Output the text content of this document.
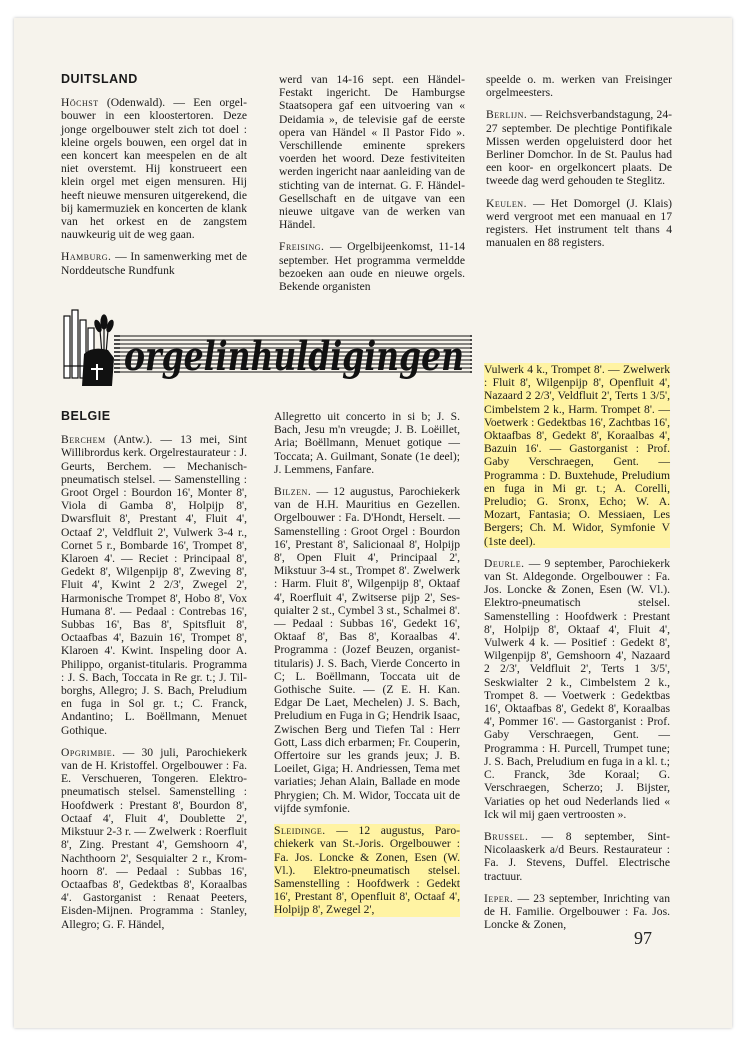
DUITSLAND

Höchst (Odenwald). — Een orgelbouwer in een kloostertoren. Deze jonge orgelbouwer stelt zich tot doel : kleine orgels bouwen, een orgel dat in een koncert kan meespelen en de alt niet overstemt. Hij konstrueert een klein orgel met eigen mensuren. Hij heeft nieuwe mensuren uitgerekend, die bij kamermuziek en koncerten de klank van het orkest en de zangstem nauwkeurig uit de weg gaan.

Hamburg. — In samenwerking met de Norddeutsche Rundfunk

werd van 14-16 sept. een Händel-Festakt ingericht. De Hamburgse Staatsopera gaf een uitvoering van « Deidamia », de televisie gaf de eerste opera van Händel « Il Pastor Fido ». Verschillende eminente sprekers voerden het woord. Deze festiviteiten werden ingericht naar aanleiding van de stichting van de internat. G. F. Händel-Gesellschaft en de uitgave van een nieuwe uitgave van de werken van Händel.

Freising. — Orgelbijeenkomst, 11-14 september. Het programma vermeldde bezoeken aan oude en nieuwe orgels. Bekende organisten

speelde o. m. werken van Freisinger orgelmeesters.

Berlijn. — Reichsverbandstagung, 24-27 september. De plechtige Pontifikale Missen werden opgeluisterd door het Berliner Domchor. In de St. Paulus had een koor- en orgelkoncert plaats. De tweede dag werd gehouden te Steglitz.

Keulen. — Het Domorgel (J. Klais) werd vergroot met een manuaal en 17 registers. Het instrument telt thans 4 manualen en 88 registers.

orgelinhuldigingen
BELGIE

Berchem (Antw.). — 13 mei, Sint Willibrordus kerk. Orgelrestaurateur : J. Geurts, Berchem. — Mechanisch-pneumatisch stelsel. — Samenstelling : Groot Orgel : Bourdon 16', Monter 8', Viola di Gamba 8', Holpijp 8', Dwarsfluit 8', Prestant 4', Fluit 4', Octaaf 2', Veldfluit 2', Vulwerk 3-4 r., Cornet 5 r., Bombarde 16', Trompet 8', Klaroen 4'. — Reciet : Principaal 8', Gedekt 8', Wilgenpijp 8', Zweving 8', Fluit 4', Kwint 2 2/3', Zwegel 2', Harmonische Trompet 8', Hobo 8', Vox Humana 8'. — Pedaal : Contrebas 16', Subbas 16', Bas 8', Spitsfluit 8', Octaafbas 4', Bazuin 16', Trompet 8', Klaroen 4'. Kwint. Inspeling door A. Philippo, organist-titularis. Programma : J. S. Bach, Toccata in Re gr. t.; J. Tilborghs, Allegro; J. S. Bach, Preludium en fuga in Sol gr. t.; C. Franck, Andantino; L. Boëllmann, Menuet Gothique.

Opgrimbie. — 30 juli, Parochiekerk van de H. Kristoffel. Orgelbouwer : Fa. E. Verschueren, Tongeren. Elektro-pneumatisch stelsel. Samenstelling : Hoofdwerk : Prestant 8', Bourdon 8', Octaaf 4', Fluit 4', Doublette 2', Mikstuur 2-3 r. — Zwelwerk : Roerfluit 8', Zing. Prestant 4', Gemshoorn 4', Nachthoorn 2', Sesquialter 2 r., Kromhoorn 8'. — Pedaal : Subbas 16', Octaafbas 8', Gedektbas 8', Koraalbas 4'. Gastorganist : Renaat Peeters, Eisden-Mijnen. Programma : Stanley, Allegro; G. F. Händel,

Allegretto uit concerto in si b; J. S. Bach, Jesu m'n vreugde; J. B. Loëillet, Aria; Boëllmann, Menuet gotique — Toccata; A. Guilmant, Sonate (1e deel); J. Lemmens, Fanfare.

Bilzen. — 12 augustus, Parochiekerk van de H.H. Mauritius en Gezellen. Orgelbouwer : Fa. D'Hondt, Herselt. — Samenstelling : Groot Orgel : Bourdon 16', Prestant 8', Salicionaal 8', Holpijp 8', Open Fluit 4', Principaal 2', Mikstuur 3-4 st., Trompet 8'. Zwelwerk : Harm. Fluit 8', Wilgenpijp 8', Oktaaf 4', Roerfluit 4', Zwitserse pijp 2', Sesquialter 2 st., Cymbel 3 st., Schalmei 8'. — Pedaal : Subbas 16', Gedekt 16', Oktaaf 8', Bas 8', Koraalbas 4'. Programma : (Jozef Beuzen, organist-titularis) J. S. Bach, Vierde Concerto in C; L. Boëllmann, Toccata uit de Gothische Suite. — (Z E. H. Kan. Edgar De Laet, Mechelen) J. S. Bach, Preludium en Fuga in G; Hendrik Isaac, Zwischen Berg und Tiefen Tal : Herr Gott, Lass dich erbarmen; Fr. Couperin, Offertoire sur les grands jeux; J. B. Loeilet, Giga; H. Andriessen, Tema met variaties; Jehan Alain, Ballade en mode Phrygien; Ch. M. Widor, Toccata uit de vijfde symfonie.

Sleidinge. — 12 augustus, Parochiekerk van St.-Joris. Orgelbouwer : Fa. Jos. Loncke & Zonen, Esen (W. Vl.). Elektro-pneumatisch stelsel. Samenstelling : Hoofdwerk : Gedekt 16', Prestant 8', Openfluit 8', Octaaf 4', Holpijp 8', Zwegel 2',

Vulwerk 4 k., Trompet 8'. — Zwelwerk : Fluit 8', Wilgenpijp 8', Openfluit 4', Nazaard 2 2/3', Veldfluit 2', Terts 1 3/5', Cimbelstem 2 k., Harm. Trompet 8'. — Voetwerk : Gedektbas 16', Zachtbas 16', Oktaafbas 8', Gedekt 8', Koraalbas 4', Bazuin 16'. — Gastorganist : Prof. Gaby Verschraegen, Gent. — Programma : D. Buxtehude, Preludium en fuga in Mi gr. t.; A. Corelli, Preludio; G. Sronx, Echo; W. A. Mozart, Fantasia; O. Messiaen, Les Bergers; Ch. M. Widor, Symfonie V (1ste deel).

Deurle. — 9 september, Parochiekerk van St. Aldegonde. Orgelbouwer : Fa. Jos. Loncke & Zonen, Esen (W. Vl.). Elektro-pneumatisch stelsel. Samenstelling : Hoofdwerk : Prestant 8', Holpijp 8', Oktaaf 4', Fluit 4', Vulwerk 4 k. — Positief : Gedekt 8', Wilgenpijp 8', Gemshoorn 4', Nazaard 2 2/3', Veldfluit 2', Terts 1 3/5', Seskwialter 2 k., Cimbelstem 2 k., Trompet 8. — Voetwerk : Gedektbas 16', Oktaafbas 8', Gedekt 8', Koraalbas 4', Pommer 16'. — Gastorganist : Prof. Gaby Verschraegen, Gent. — Programma : H. Purcell, Trumpet tune; J. S. Bach, Preludium en fuga in a kl. t.; C. Franck, 3de Koraal; G. Verschraegen, Scherzo; J. Bijster, Variaties op het oud Nederlands lied « Ick wil mij gaen vertroosten ».

Brussel. — 8 september, Sint-Nicolaaskerk a/d Beurs. Restaurateur : Fa. J. Stevens, Duffel. Electrische tractuur.

Ieper. — 23 september, Inrichting van de H. Familie. Orgelbouwer : Fa. Jos. Loncke & Zonen,

97
